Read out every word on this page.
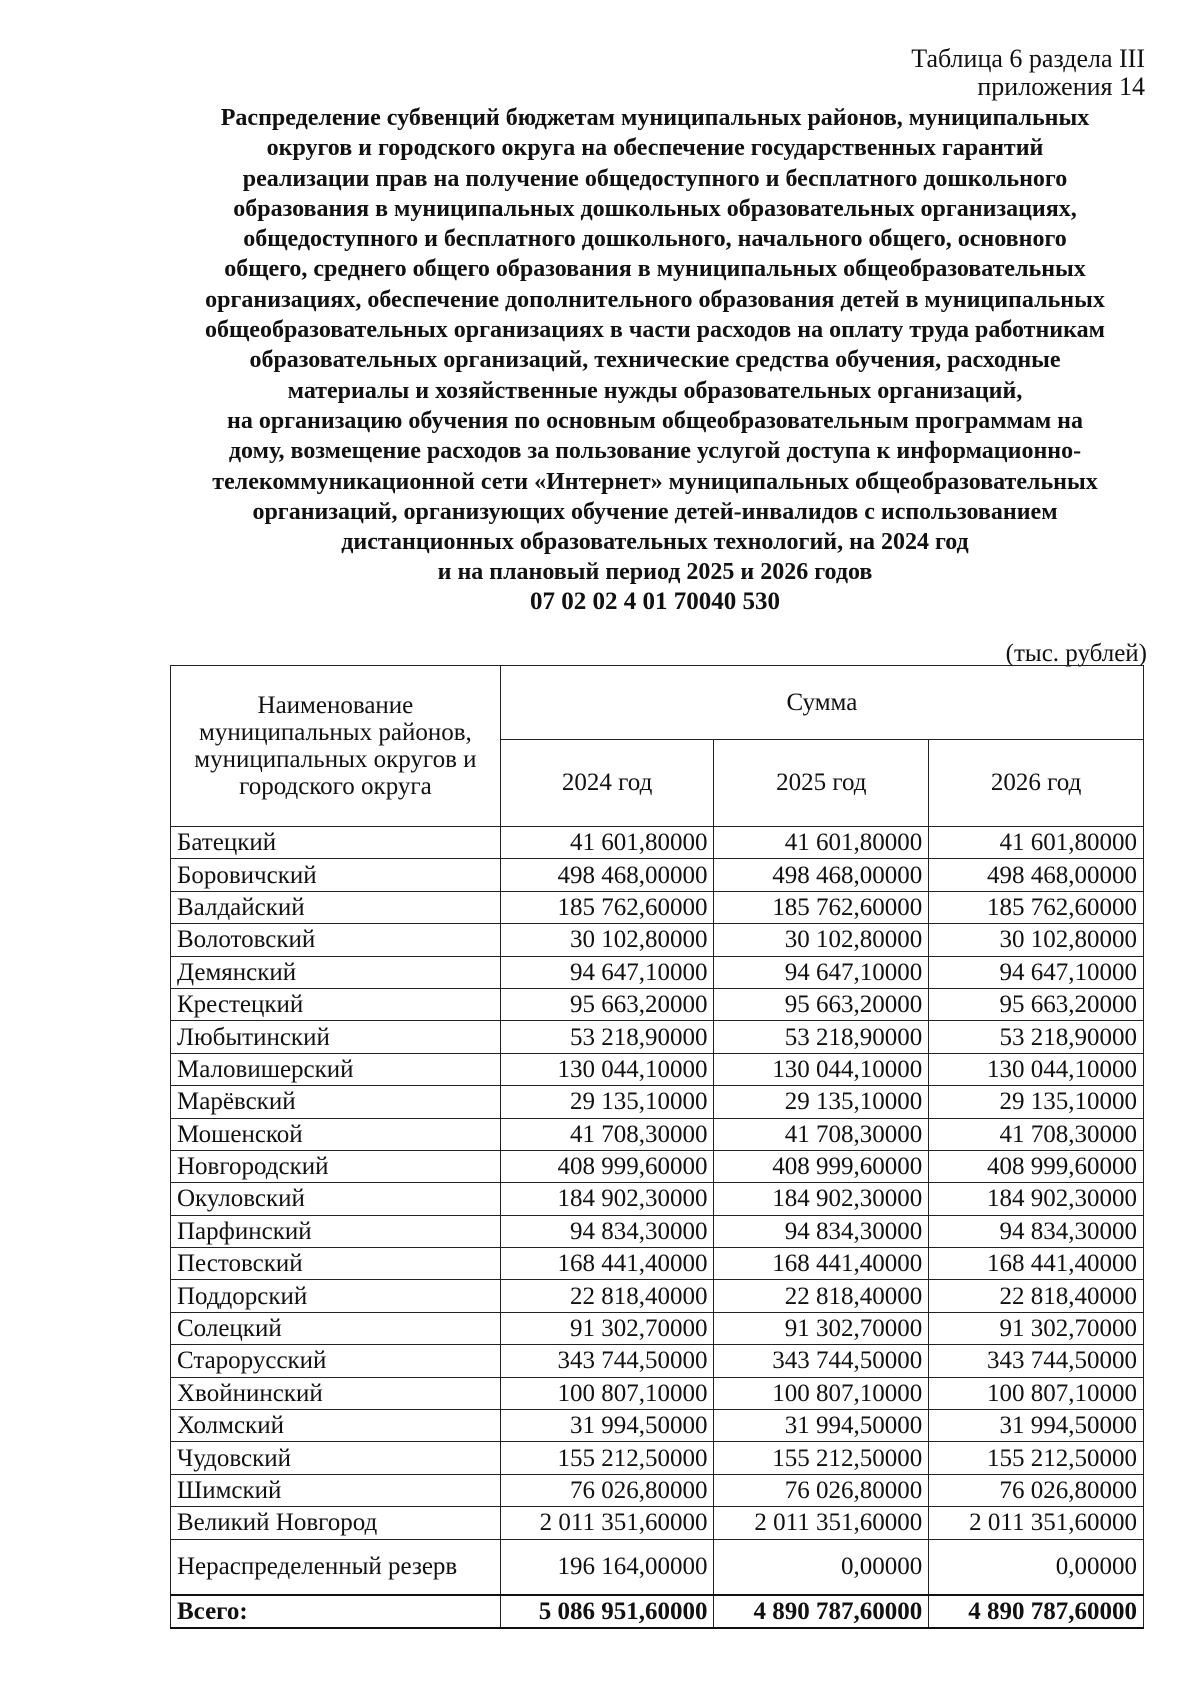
Таблица 6 раздела III
приложения 14
Распределение субвенций бюджетам муниципальных районов, муниципальных
округов и городского округа на обеспечение государственных гарантий
реализации прав на получение общедоступного и бесплатного дошкольного
образования в муниципальных дошкольных образовательных организациях,
общедоступного и бесплатного дошкольного, начального общего, основного
общего, среднего общего образования в муниципальных общеобразовательных
организациях, обеспечение дополнительного образования детей в муниципальных
общеобразовательных организациях в части расходов на оплату труда работникам
образовательных организаций, технические средства обучения, расходные
материалы и хозяйственные нужды образовательных организаций,
на организацию обучения по основным общеобразовательным программам на
дому, возмещение расходов за пользование услугой доступа к информационно-
телекоммуникационной сети «Интернет» муниципальных общеобразовательных
организаций, организующих обучение детей-инвалидов с использованием
дистанционных образовательных технологий, на 2024 год
и на плановый период 2025 и 2026 годов
07 02 02 4 01 70040 530
(тыс. рублей)
Наименование муниципальных районов, муниципальных округов и городского округа	Сумма		
	2024 год	2025 год	2026 год
Батецкий	41 601,80000	41 601,80000	41 601,80000
Боровичский	498 468,00000	498 468,00000	498 468,00000
Валдайский	185 762,60000	185 762,60000	185 762,60000
Волотовский	30 102,80000	30 102,80000	30 102,80000
Демянский	94 647,10000	94 647,10000	94 647,10000
Крестецкий	95 663,20000	95 663,20000	95 663,20000
Любытинский	53 218,90000	53 218,90000	53 218,90000
Маловишерский	130 044,10000	130 044,10000	130 044,10000
Марёвский	29 135,10000	29 135,10000	29 135,10000
Мошенской	41 708,30000	41 708,30000	41 708,30000
Новгородский	408 999,60000	408 999,60000	408 999,60000
Окуловский	184 902,30000	184 902,30000	184 902,30000
Парфинский	94 834,30000	94 834,30000	94 834,30000
Пестовский	168 441,40000	168 441,40000	168 441,40000
Поддорский	22 818,40000	22 818,40000	22 818,40000
Солецкий	91 302,70000	91 302,70000	91 302,70000
Старорусский	343 744,50000	343 744,50000	343 744,50000
Хвойнинский	100 807,10000	100 807,10000	100 807,10000
Холмский	31 994,50000	31 994,50000	31 994,50000
Чудовский	155 212,50000	155 212,50000	155 212,50000
Шимский	76 026,80000	76 026,80000	76 026,80000
Великий Новгород	2 011 351,60000	2 011 351,60000	2 011 351,60000
Нераспределенный резерв	196 164,00000	0,00000	0,00000
Всего:	5 086 951,60000	4 890 787,60000	4 890 787,60000
